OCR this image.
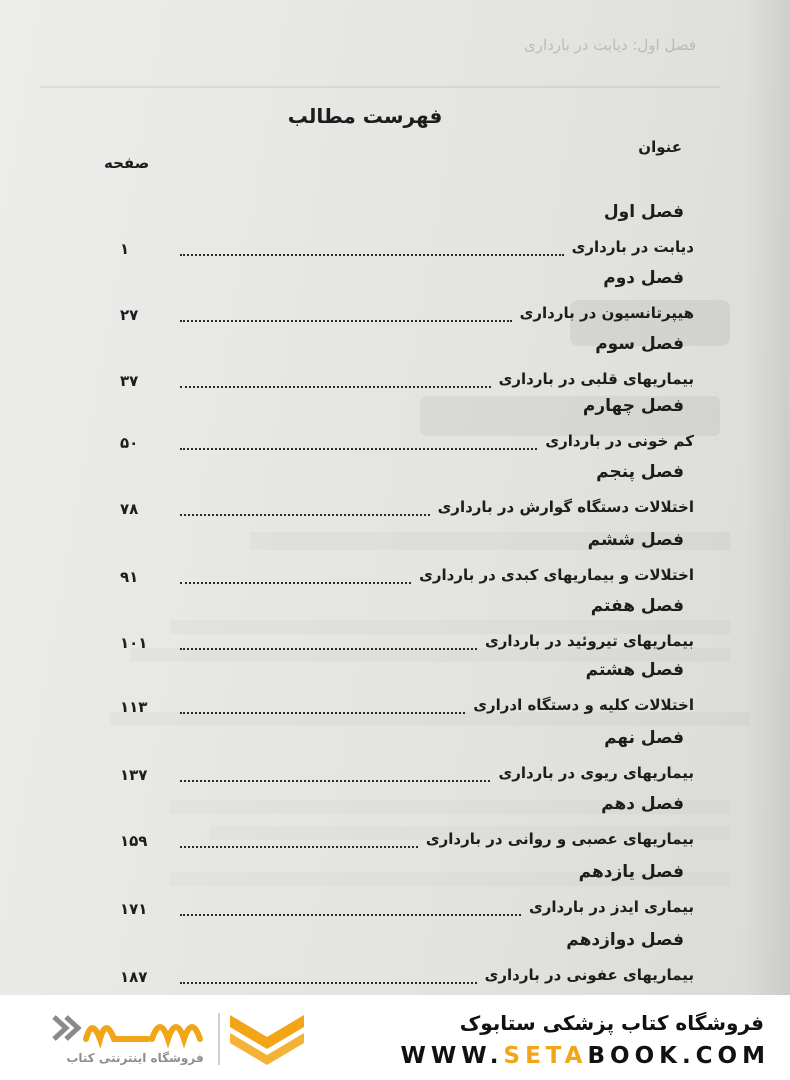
فصل اول: دیابت در بارداری
فهرست مطالب
عنوان
صفحه
فصل اول
دیابت در بارداری
۱
فصل دوم
هیپرتانسیون در بارداری
۲۷
فصل سوم
بیماریهای قلبی در بارداری
۳۷
فصل چهارم
کم خونی در بارداری
۵۰
فصل پنجم
اختلالات دستگاه گوارش در بارداری
۷۸
فصل ششم
اختلالات و بیماریهای کبدی در بارداری
۹۱
فصل هفتم
بیماریهای تیروئید در بارداری
۱۰۱
فصل هشتم
اختلالات کلیه و دستگاه ادراری
۱۱۳
فصل نهم
بیماریهای ریوی در بارداری
۱۳۷
فصل دهم
بیماریهای عصبی و روانی در بارداری
۱۵۹
فصل یازدهم
بیماری ایدز در بارداری
۱۷۱
فصل دوازدهم
بیماریهای عفونی در بارداری
۱۸۷
فروشگاه اینترنتی کتاب
فروشگاه کتاب پزشکی ستابوک
WWW.SETABOOK.COM
